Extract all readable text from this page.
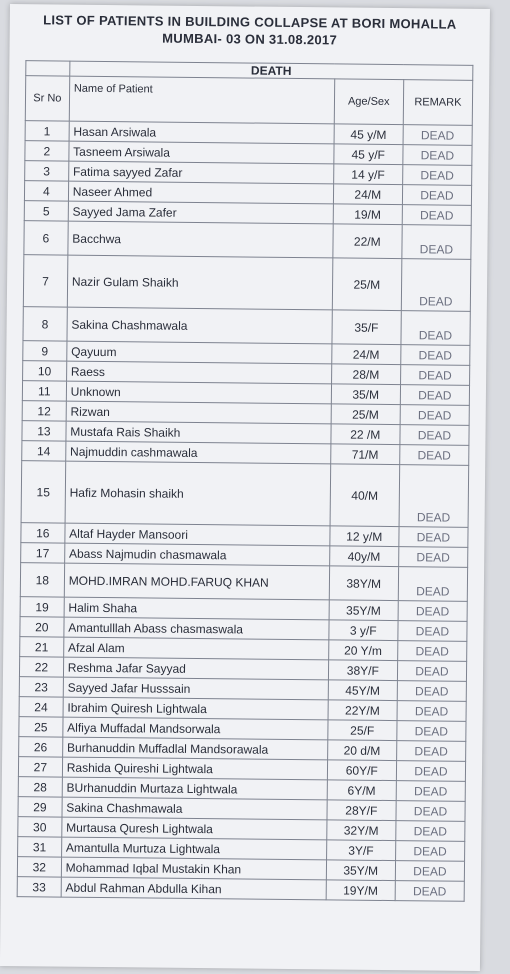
LIST OF PATIENTS IN BUILDING COLLAPSE AT BORI MOHALLA
MUMBAI- 03 ON 31.08.2017
	DEATH		
Sr No	Name of Patient	Age/Sex	REMARK
1	Hasan Arsiwala	45 y/M	DEAD
2	Tasneem Arsiwala	45 y/F	DEAD
3	Fatima sayyed Zafar	14 y/F	DEAD
4	Naseer Ahmed	24/M	DEAD
5	Sayyed Jama Zafer	19/M	DEAD
6	Bacchwa	22/M	DEAD
7	Nazir Gulam Shaikh	25/M	DEAD
8	Sakina Chashmawala	35/F	DEAD
9	Qayuum	24/M	DEAD
10	Raess	28/M	DEAD
11	Unknown	35/M	DEAD
12	Rizwan	25/M	DEAD
13	Mustafa Rais Shaikh	22 /M	DEAD
14	Najmuddin cashmawala	71/M	DEAD
15	Hafiz Mohasin shaikh	40/M	DEAD
16	Altaf Hayder Mansoori	12 y/M	DEAD
17	Abass Najmudin chasmawala	40y/M	DEAD
18	MOHD.IMRAN MOHD.FARUQ KHAN	38Y/M	DEAD
19	Halim Shaha	35Y/M	DEAD
20	Amantulllah Abass chasmaswala	3 y/F	DEAD
21	Afzal Alam	20 Y/m	DEAD
22	Reshma Jafar Sayyad	38Y/F	DEAD
23	Sayyed Jafar Husssain	45Y/M	DEAD
24	Ibrahim Quiresh Lightwala	22Y/M	DEAD
25	Alfiya Muffadal Mandsorwala	25/F	DEAD
26	Burhanuddin Muffadlal Mandsorawala	20 d/M	DEAD
27	Rashida Quireshi Lightwala	60Y/F	DEAD
28	BUrhanuddin Murtaza Lightwala	6Y/M	DEAD
29	Sakina Chashmawala	28Y/F	DEAD
30	Murtausa Quresh Lightwala	32Y/M	DEAD
31	Amantulla Murtuza Lightwala	3Y/F	DEAD
32	Mohammad Iqbal Mustakin Khan	35Y/M	DEAD
33	Abdul Rahman Abdulla Kihan	19Y/M	DEAD
